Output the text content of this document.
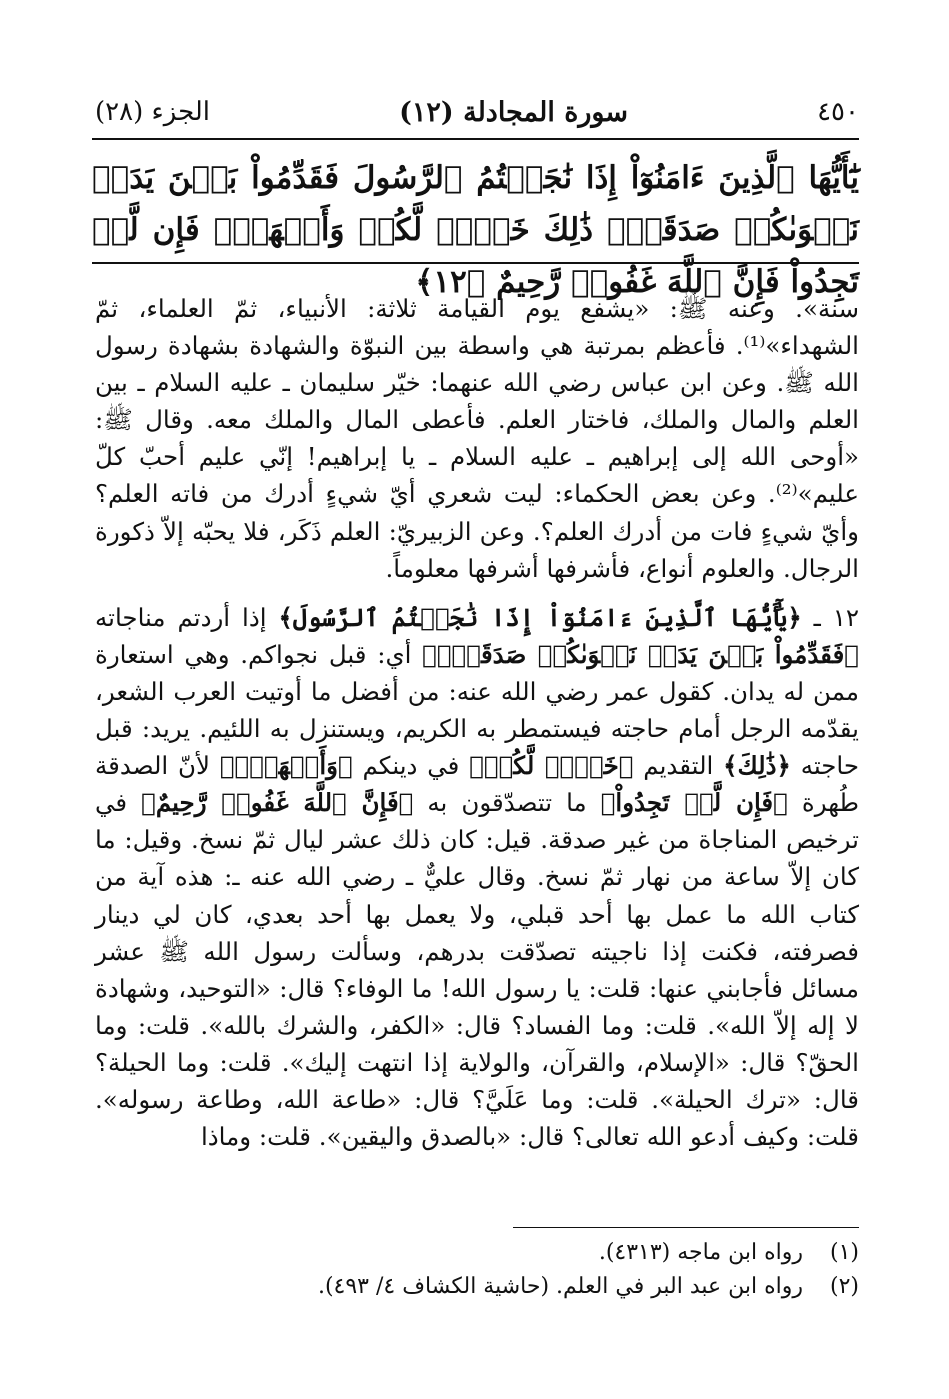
٤٥٠
سورة المجادلة (١٢)
الجزء (٢٨)
يَٰٓأَيُّهَا ٱلَّذِينَ ءَامَنُوٓاْ إِذَا نَٰجَيۡتُمُ ٱلرَّسُولَ فَقَدِّمُواْ بَيۡنَ يَدَيۡ نَجۡوَىٰكُمۡ صَدَقَةٗۚ ذَٰلِكَ خَيۡرٞ لَّكُمۡ وَأَطۡهَرُۚ فَإِن لَّمۡ تَجِدُواْ فَإِنَّ ٱللَّهَ غَفُورٞ رَّحِيمٌ ﴿١٢﴾

سنة». وعنه ﷺ: «يشفع يوم القيامة ثلاثة: الأنبياء، ثمّ العلماء، ثمّ الشهداء»⁽¹⁾. فأعظم بمرتبة هي واسطة بين النبوّة والشهادة بشهادة رسول الله ﷺ. وعن ابن عباس رضي الله عنهما: خيّر سليمان ـ عليه السلام ـ بين العلم والمال والملك، فاختار العلم. فأعطى المال والملك معه. وقال ﷺ: «أوحى الله إلى إبراهيم ـ عليه السلام ـ يا إبراهيم! إنّي عليم أحبّ كلّ عليم»⁽²⁾. وعن بعض الحكماء: ليت شعري أيّ شيءٍ أدرك من فاته العلم؟ وأيّ شيءٍ فات من أدرك العلم؟. وعن الزبيريّ: العلم ذَكَر، فلا يحبّه إلاّ ذكورة الرجال. والعلوم أنواع، فأشرفها أشرفها معلوماً.

١٢ ـ ﴿يَٰٓأَيُّهَا ٱلَّذِينَ ءَامَنُوٓاْ إِذَا نَٰجَيۡتُمُ ٱلرَّسُولَ﴾ إذا أردتم مناجاته ﴿فَقَدِّمُواْ بَيۡنَ يَدَيۡ نَجۡوَىٰكُمۡ صَدَقَةٗۚ﴾ أي: قبل نجواكم. وهي استعارة ممن له يدان. كقول عمر رضي الله عنه: من أفضل ما أوتيت العرب الشعر، يقدّمه الرجل أمام حاجته فيستمطر به الكريم، ويستنزل به اللئيم. يريد: قبل حاجته ﴿ذَٰلِكَ﴾ التقديم ﴿خَيۡرٞ لَّكُمۡ﴾ في دينكم ﴿وَأَطۡهَرُۚ﴾ لأنّ الصدقة طُهرة ﴿فَإِن لَّمۡ تَجِدُواْ﴾ ما تتصدّقون به ﴿فَإِنَّ ٱللَّهَ غَفُورٞ رَّحِيمٌ﴾ في ترخيص المناجاة من غير صدقة. قيل: كان ذلك عشر ليال ثمّ نسخ. وقيل: ما كان إلاّ ساعة من نهار ثمّ نسخ. وقال عليٌّ ـ رضي الله عنه ـ: هذه آية من كتاب الله ما عمل بها أحد قبلي، ولا يعمل بها أحد بعدي، كان لي دينار فصرفته، فكنت إذا ناجيته تصدّقت بدرهم، وسألت رسول الله ﷺ عشر مسائل فأجابني عنها: قلت: يا رسول الله! ما الوفاء؟ قال: «التوحيد، وشهادة لا إله إلاّ الله». قلت: وما الفساد؟ قال: «الكفر، والشرك بالله». قلت: وما الحقّ؟ قال: «الإسلام، والقرآن، والولاية إذا انتهت إليك». قلت: وما الحيلة؟ قال: «ترك الحيلة». قلت: وما عَلَيَّ؟ قال: «طاعة الله، وطاعة رسوله». قلت: وكيف أدعو الله تعالى؟ قال: «بالصدق واليقين». قلت: وماذا

(١)
رواه ابن ماجه (٤٣١٣).
(٢)
رواه ابن عبد البر في العلم. (حاشية الكشاف ٤/ ٤٩٣).
